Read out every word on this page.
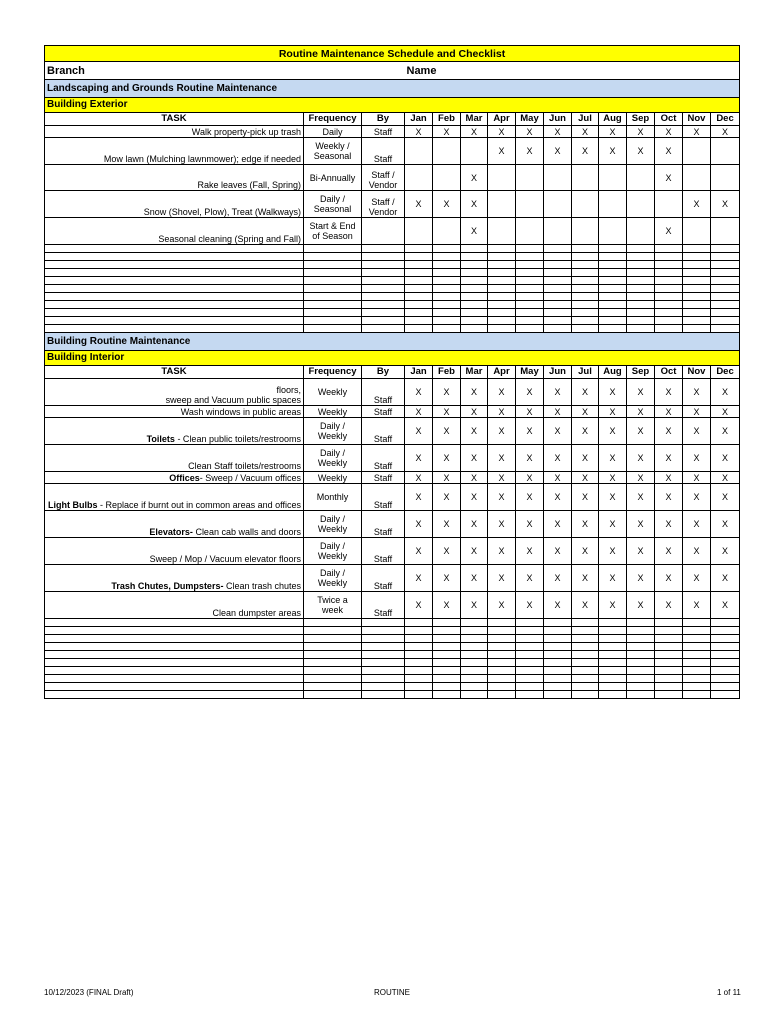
Routine Maintenance Schedule and Checklist														
Branch			Name											
Landscaping and Grounds Routine Maintenance														
Building Exterior														
TASK	Frequency	By	Jan	Feb	Mar	Apr	May	Jun	Jul	Aug	Sep	Oct	Nov	Dec
Walk property-pick up trash	Daily	Staff	X	X	X	X	X	X	X	X	X	X	X	X
Mow lawn (Mulching lawnmower); edge if needed	Weekly / Seasonal	Staff				X	X	X	X	X	X	X		
Rake leaves (Fall, Spring)	Bi-Annually	Staff / Vendor			X							X		
Snow (Shovel, Plow), Treat (Walkways)	Daily / Seasonal	Staff / Vendor	X	X	X								X	X
Seasonal cleaning (Spring and Fall)	Start & End of Season				X							X		

Building Routine Maintenance														
Building Interior														
TASK	Frequency	By	Jan	Feb	Mar	Apr	May	Jun	Jul	Aug	Sep	Oct	Nov	Dec

floors,
sweep and Vacuum public spaces	Weekly	Staff	X	X	X	X	X	X	X	X	X	X	X	X
Wash windows in public areas	Weekly	Staff	X	X	X	X	X	X	X	X	X	X	X	X
Toilets - Clean public toilets/restrooms	Daily / Weekly	Staff	X	X	X	X	X	X	X	X	X	X	X	X
Clean Staff toilets/restrooms	Daily / Weekly	Staff	X	X	X	X	X	X	X	X	X	X	X	X
Offices- Sweep / Vacuum offices	Weekly	Staff	X	X	X	X	X	X	X	X	X	X	X	X
Light Bulbs - Replace if burnt out in common areas and offices	Monthly	Staff	X	X	X	X	X	X	X	X	X	X	X	X
Elevators- Clean cab walls and doors	Daily / Weekly	Staff	X	X	X	X	X	X	X	X	X	X	X	X
Sweep / Mop / Vacuum elevator floors	Daily / Weekly	Staff	X	X	X	X	X	X	X	X	X	X	X	X
Trash Chutes, Dumpsters- Clean trash chutes	Daily / Weekly	Staff	X	X	X	X	X	X	X	X	X	X	X	X
Clean dumpster areas	Twice a week	Staff	X	X	X	X	X	X	X	X	X	X	X	X

10/12/2023 (FINAL Draft)	ROUTINE	1 of 11
